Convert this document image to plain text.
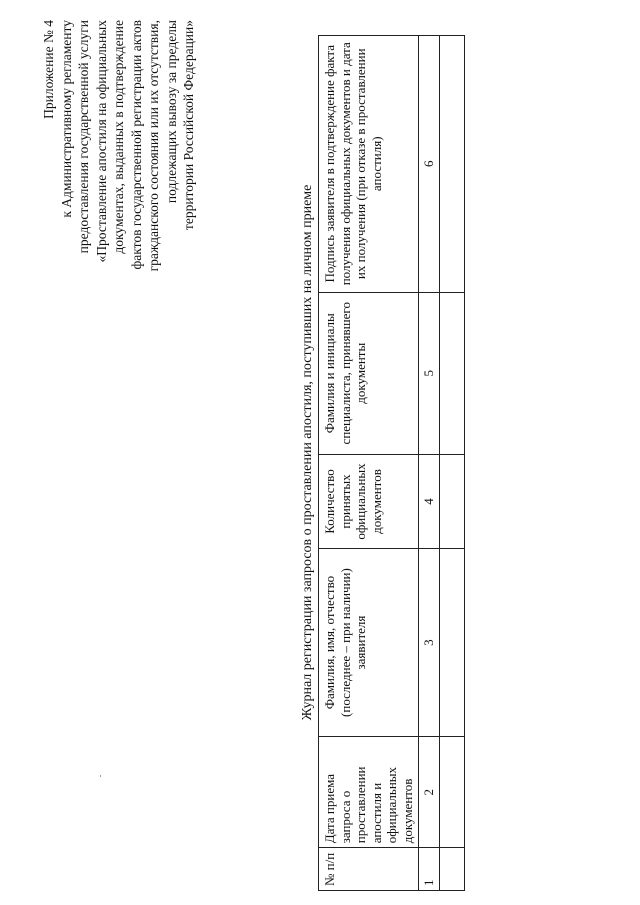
Приложение № 4 к Административному регламенту предоставления государственной услуги «Проставление апостиля на официальных документах, выданных в подтверждение фактов государственной регистрации актов гражданского состояния или их отсутствия, подлежащих вывозу за пределы территории Российской Федерации»
Журнал регистрации запросов о проставлении апостиля, поступивших на личном приеме
№ п/п	Дата приема запроса о проставлении апостиля и официальных документов	Фамилия, имя, отчество (последнее – при наличии) заявителя	Количество принятых официальных документов	Фамилия и инициалы специалиста, принявшего документы	Подпись заявителя в подтверждение факта получения официальных документов и дата их получения (при отказе в проставлении апостиля)
1	2	3	4	5	6
